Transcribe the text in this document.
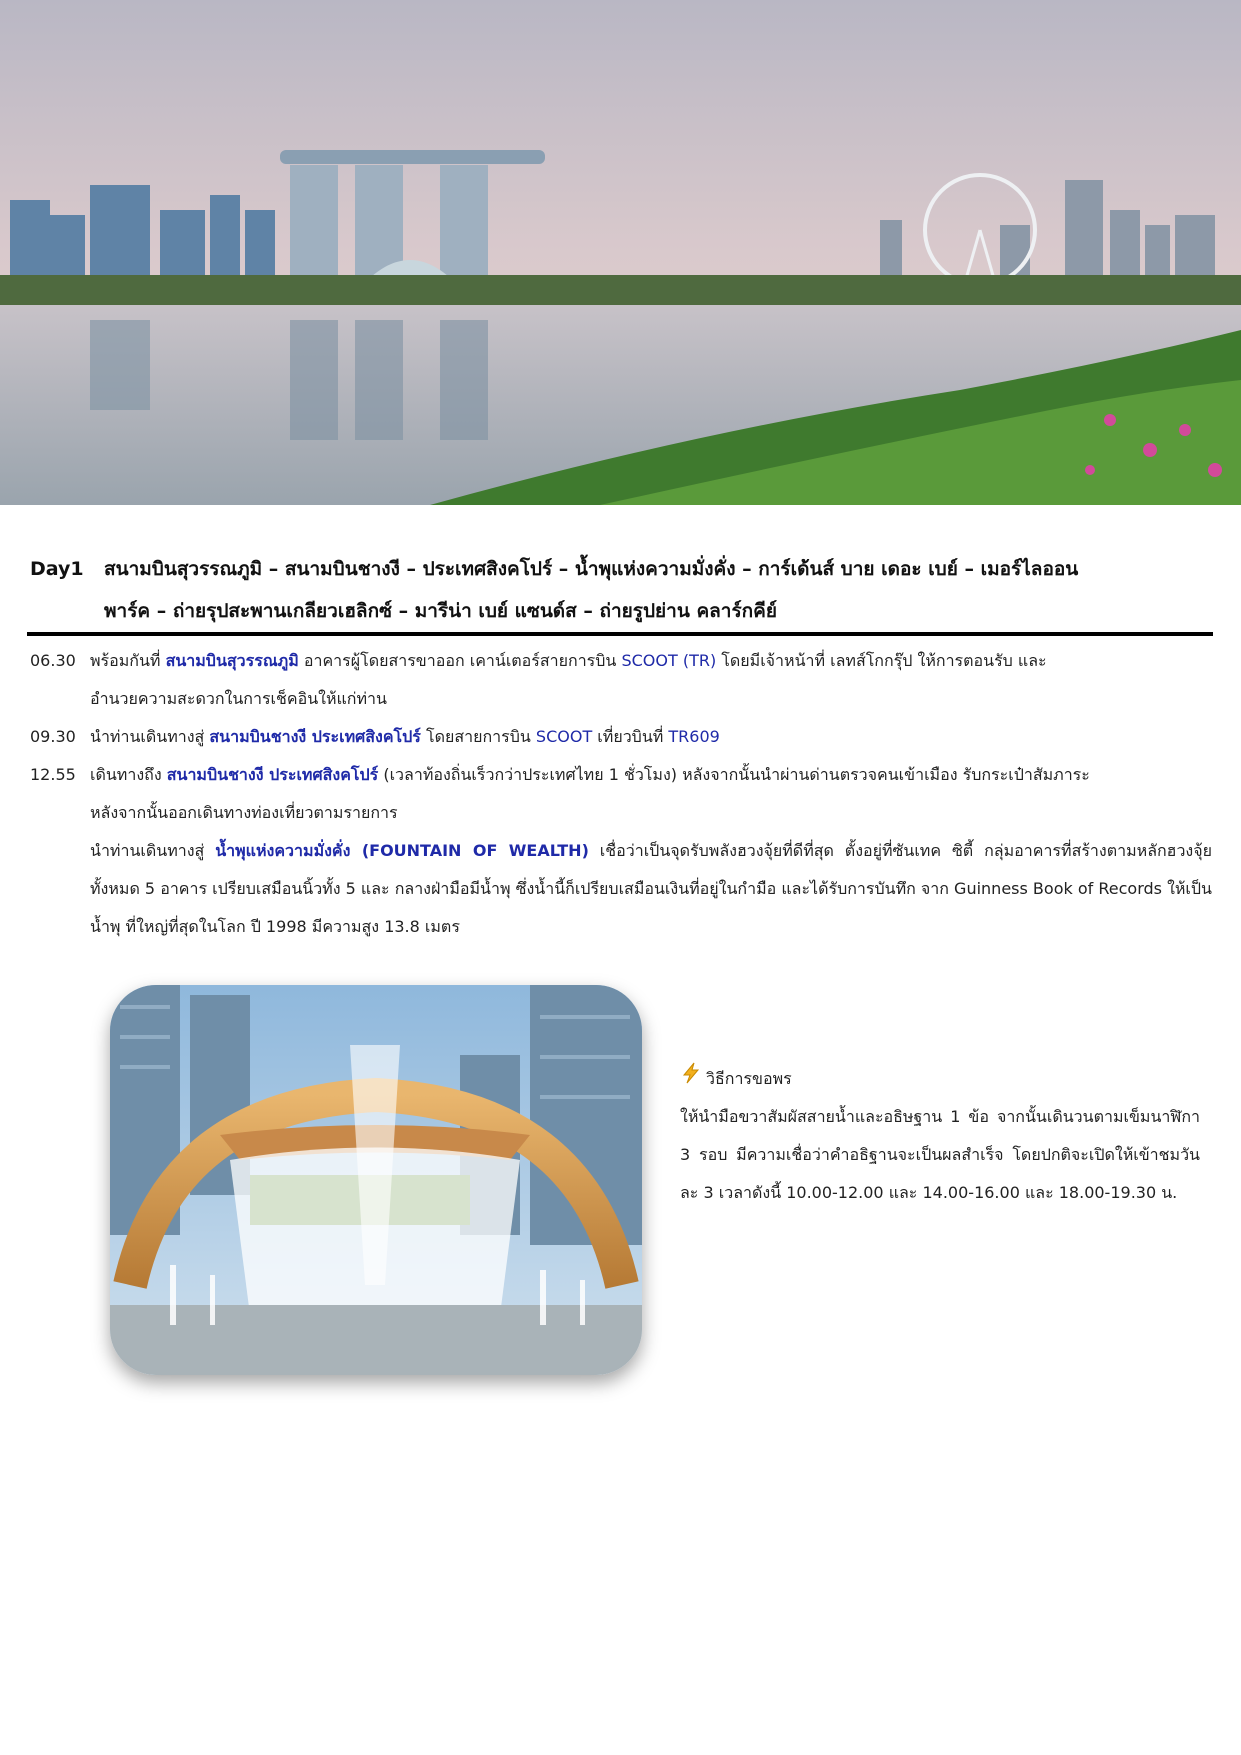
Day1	สนามบินสุวรรณภูมิ – สนามบินชางงี – ประเทศสิงคโปร์ – น้ำพุแห่งความมั่งคั่ง – การ์เด้นส์ บาย เดอะ เบย์ – เมอร์ไลออน
พาร์ค – ถ่ายรุปสะพานเกลียวเฮลิกซ์ – มารีน่า เบย์ แซนด์ส – ถ่ายรูปย่าน คลาร์กคีย์
06.30 พร้อมกันที่ สนามบินสุวรรณภูมิ อาคารผู้โดยสารขาออก เคาน์เตอร์สายการบิน SCOOT (TR) โดยมีเจ้าหน้าที่ เลทส์โกกรุ๊ป ให้การตอนรับ และ
อำนวยความสะดวกในการเช็คอินให้แก่ท่าน
09.30 นำท่านเดินทางสู่ สนามบินชางงี ประเทศสิงคโปร์ โดยสายการบิน SCOOT เที่ยวบินที่ TR609
12.55 เดินทางถึง สนามบินชางงี ประเทศสิงคโปร์ (เวลาท้องถิ่นเร็วกว่าประเทศไทย 1 ชั่วโมง) หลังจากนั้นนำผ่านด่านตรวจคนเข้าเมือง รับกระเป๋าสัมภาระ
หลังจากนั้นออกเดินทางท่องเที่ยวตามรายการ
นำท่านเดินทางสู่ น้ำพุแห่งความมั่งคั่ง (FOUNTAIN OF WEALTH) เชื่อว่าเป็นจุดรับพลังฮวงจุ้ยที่ดีที่สุด ตั้งอยู่ที่ซันเทค ซิตี้ กลุ่มอาคารที่สร้างตามหลักฮวงจุ้ย ทั้งหมด 5 อาคาร เปรียบเสมือนนิ้วทั้ง 5 และ กลางฝ่ามือมีน้ำพุ ซึ่งน้ำนี้ก็เปรียบเสมือนเงินที่อยู่ในกำมือ และได้รับการบันทึก จาก Guinness Book of Records ให้เป็น น้ำพุ ที่ใหญ่ที่สุดในโลก ปี 1998 มีความสูง 13.8 เมตร
วิธีการขอพร
ให้นำมือขวาสัมผัสสายน้ำและอธิษฐาน 1 ข้อ จากนั้นเดินวนตามเข็มนาฬิกา 3 รอบ มีความเชื่อว่าคำอธิฐานจะเป็นผลสำเร็จ โดยปกติจะเปิดให้เข้าชมวันละ 3 เวลาดังนี้ 10.00-12.00 และ 14.00-16.00 และ 18.00-19.30 น.
